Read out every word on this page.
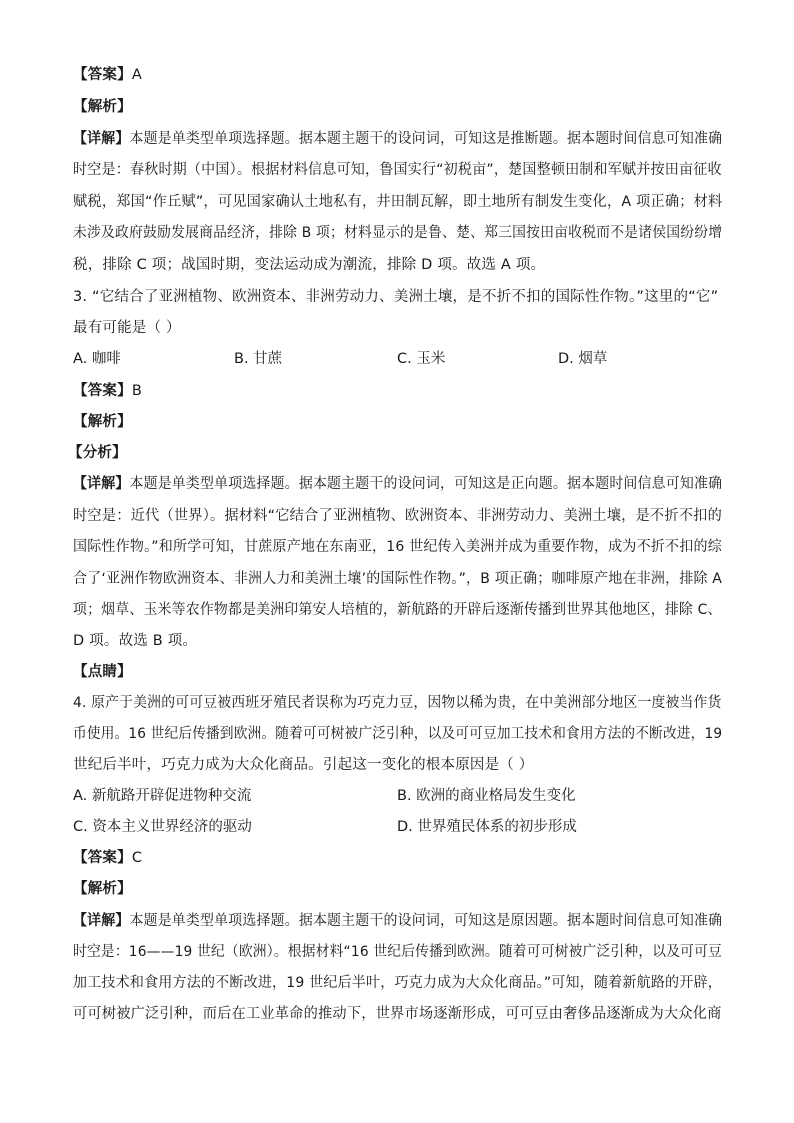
【答案】A
【解析】
【详解】本题是单类型单项选择题。据本题主题干的设问词，可知这是推断题。据本题时间信息可知准确
时空是：春秋时期（中国）。根据材料信息可知，鲁国实行“初税亩”，楚国整顿田制和军赋并按田亩征收
赋税，郑国“作丘赋”，可见国家确认土地私有，井田制瓦解，即土地所有制发生变化，A 项正确；材料
未涉及政府鼓励发展商品经济，排除 B 项；材料显示的是鲁、楚、郑三国按田亩收税而不是诸侯国纷纷增
税，排除 C 项；战国时期，变法运动成为潮流，排除 D 项。故选 A 项。
3. “它结合了亚洲植物、欧洲资本、非洲劳动力、美洲土壤，是不折不扣的国际性作物。”这里的“它”
最有可能是（ ）
A. 咖啡	B. 甘蔗	C. 玉米	D. 烟草
【答案】B
【解析】
【分析】
【详解】本题是单类型单项选择题。据本题主题干的设问词，可知这是正向题。据本题时间信息可知准确
时空是：近代（世界）。据材料“它结合了亚洲植物、欧洲资本、非洲劳动力、美洲土壤，是不折不扣的
国际性作物。”和所学可知，甘蔗原产地在东南亚，16 世纪传入美洲并成为重要作物，成为不折不扣的综
合了‘亚洲作物欧洲资本、非洲人力和美洲土壤’的国际性作物。”，B 项正确；咖啡原产地在非洲，排除 A
项；烟草、玉米等农作物都是美洲印第安人培植的，新航路的开辟后逐渐传播到世界其他地区，排除 C、
D 项。故选 B 项。
【点睛】
4. 原产于美洲的可可豆被西班牙殖民者误称为巧克力豆，因物以稀为贵，在中美洲部分地区一度被当作货
币使用。16 世纪后传播到欧洲。随着可可树被广泛引种，以及可可豆加工技术和食用方法的不断改进，19
世纪后半叶，巧克力成为大众化商品。引起这一变化的根本原因是（ ）
A. 新航路开辟促进物种交流	B. 欧洲的商业格局发生变化
C. 资本主义世界经济的驱动	D. 世界殖民体系的初步形成
【答案】C
【解析】
【详解】本题是单类型单项选择题。据本题主题干的设问词，可知这是原因题。据本题时间信息可知准确
时空是：16——19 世纪（欧洲）。根据材料“16 世纪后传播到欧洲。随着可可树被广泛引种，以及可可豆
加工技术和食用方法的不断改进，19 世纪后半叶，巧克力成为大众化商品。”可知，随着新航路的开辟，
可可树被广泛引种，而后在工业革命的推动下，世界市场逐渐形成，可可豆由奢侈品逐渐成为大众化商
